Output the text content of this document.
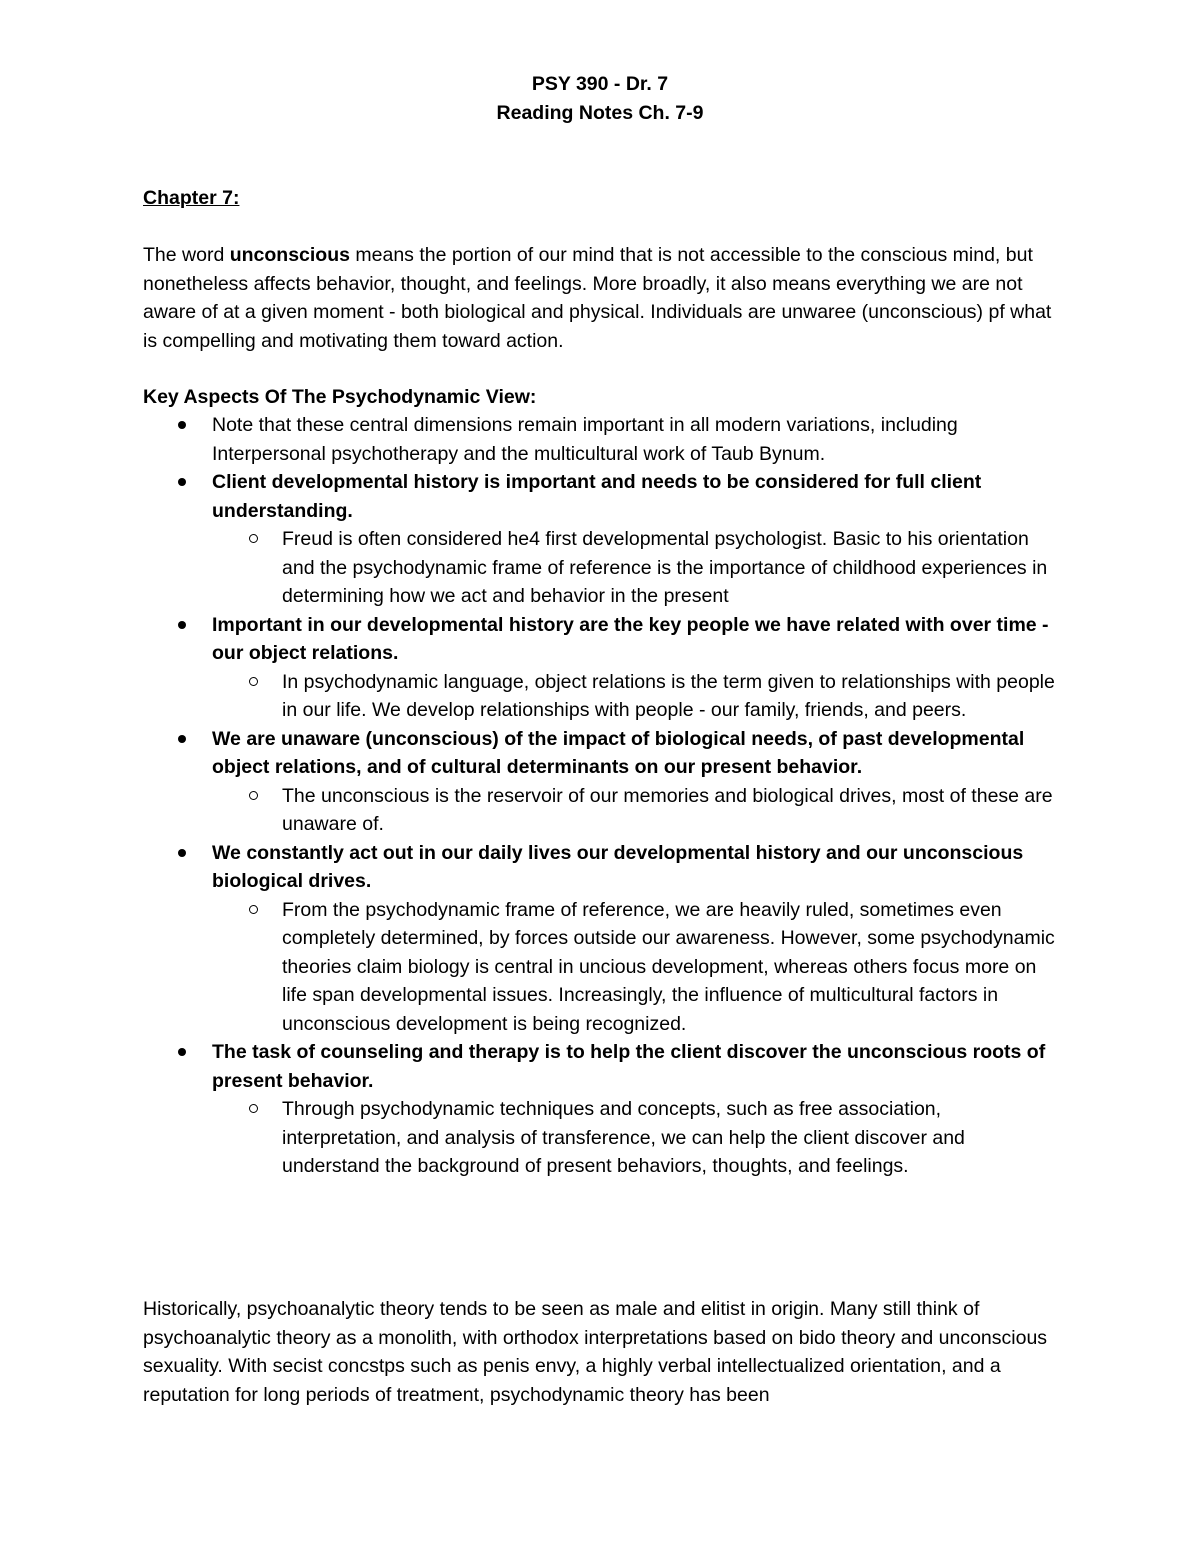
PSY 390 - Dr. 7
Reading Notes Ch. 7-9
Chapter 7:
The word unconscious means the portion of our mind that is not accessible to the conscious mind, but nonetheless affects behavior, thought, and feelings. More broadly, it also means everything we are not aware of at a given moment - both biological and physical. Individuals are unwaree (unconscious) pf what is compelling and motivating them toward action.
Key Aspects Of The Psychodynamic View:
Note that these central dimensions remain important in all modern variations, including Interpersonal psychotherapy and the multicultural work of Taub Bynum.
Client developmental history is important and needs to be considered for full client understanding.
Freud is often considered he4 first developmental psychologist. Basic to his orientation and the psychodynamic frame of reference is the importance of childhood experiences in determining how we act and behavior in the present
Important in our developmental history are the key people we have related with over time - our object relations.
In psychodynamic language, object relations is the term given to relationships with people in our life. We develop relationships with people - our family, friends, and peers.
We are unaware (unconscious) of the impact of biological needs, of past developmental object relations, and of cultural determinants on our present behavior.
The unconscious is the reservoir of our memories and biological drives, most of these are unaware of.
We constantly act out in our daily lives our developmental history and our unconscious biological drives.
From the psychodynamic frame of reference, we are heavily ruled, sometimes even completely determined, by forces outside our awareness. However, some psychodynamic theories claim biology is central in uncious development, whereas others focus more on life span developmental issues. Increasingly, the influence of multicultural factors in unconscious development is being recognized.
The task of counseling and therapy is to help the client discover the unconscious roots of present behavior.
Through psychodynamic techniques and concepts, such as free association, interpretation, and analysis of transference, we can help the client discover and understand the background of present behaviors, thoughts, and feelings.
Historically, psychoanalytic theory tends to be seen as male and elitist in origin. Many still think of psychoanalytic theory as a monolith, with orthodox interpretations based on bido theory and unconscious sexuality. With secist concstps such as penis envy, a highly verbal intellectualized orientation, and a reputation for long periods of treatment, psychodynamic theory has been
